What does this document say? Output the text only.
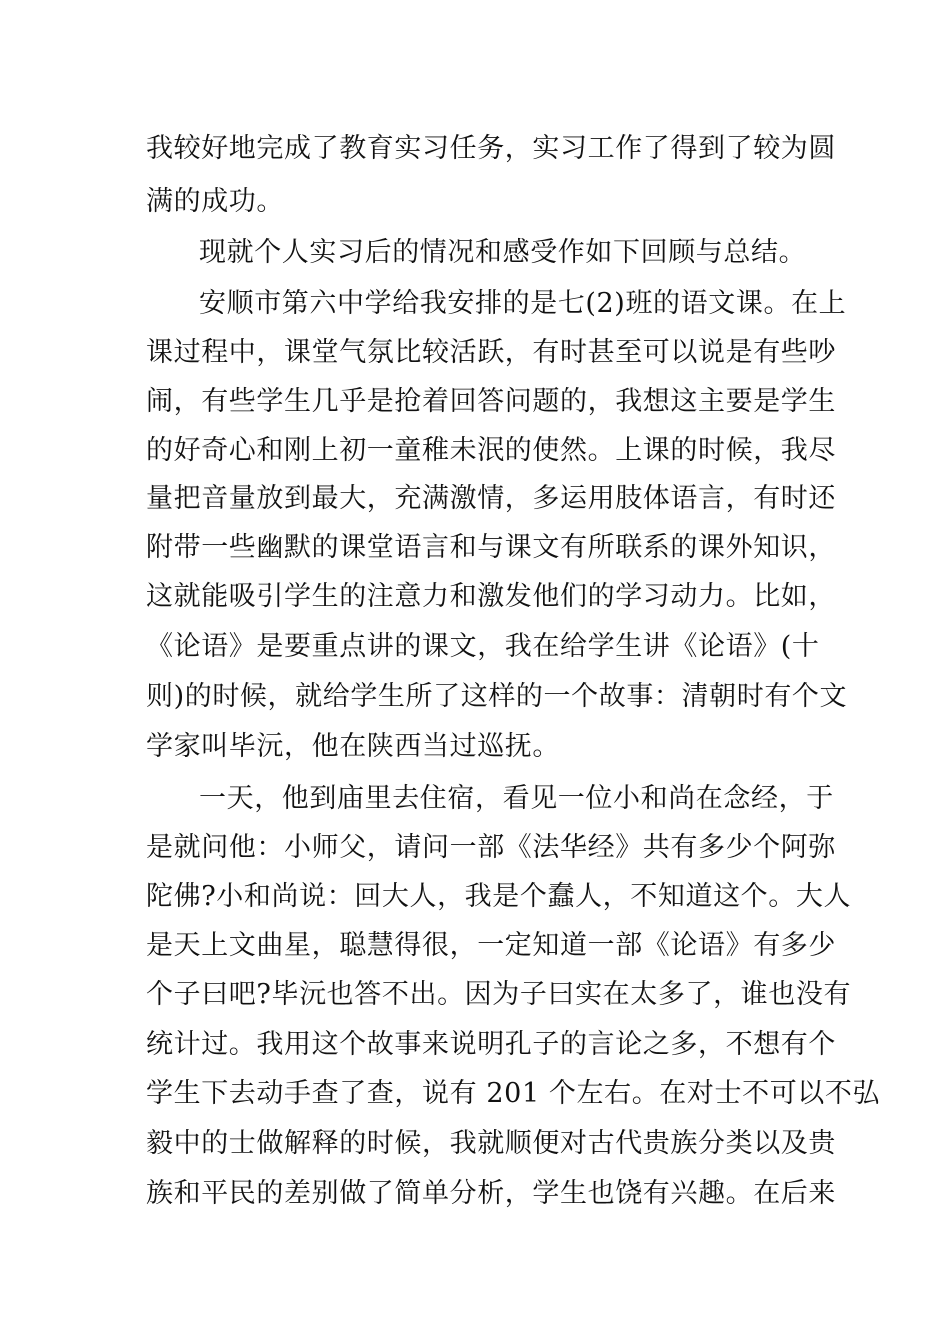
我较好地完成了教育实习任务，实习工作了得到了较为圆
满的成功。
现就个人实习后的情况和感受作如下回顾与总结。
安顺市第六中学给我安排的是七(2)班的语文课。在上
课过程中，课堂气氛比较活跃，有时甚至可以说是有些吵
闹，有些学生几乎是抢着回答问题的，我想这主要是学生
的好奇心和刚上初一童稚未泯的使然。上课的时候，我尽
量把音量放到最大，充满激情，多运用肢体语言，有时还
附带一些幽默的课堂语言和与课文有所联系的课外知识，
这就能吸引学生的注意力和激发他们的学习动力。比如，
《论语》是要重点讲的课文，我在给学生讲《论语》(十
则)的时候，就给学生所了这样的一个故事：清朝时有个文
学家叫毕沅，他在陕西当过巡抚。
一天，他到庙里去住宿，看见一位小和尚在念经，于
是就问他：小师父，请问一部《法华经》共有多少个阿弥
陀佛?小和尚说：回大人，我是个蠢人，不知道这个。大人
是天上文曲星，聪慧得很，一定知道一部《论语》有多少
个子曰吧?毕沅也答不出。因为子曰实在太多了，谁也没有
统计过。我用这个故事来说明孔子的言论之多，不想有个
学生下去动手查了查，说有 201 个左右。在对士不可以不弘
毅中的士做解释的时候，我就顺便对古代贵族分类以及贵
族和平民的差别做了简单分析，学生也饶有兴趣。在后来
